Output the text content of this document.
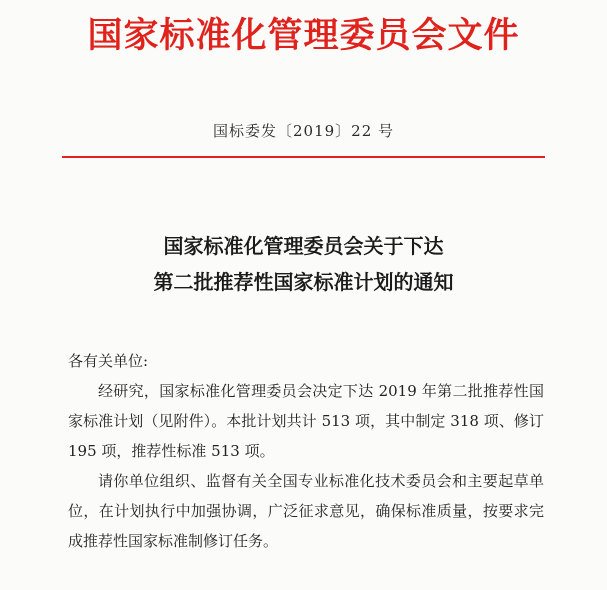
国家标准化管理委员会文件
国标委发〔2019〕22 号
国家标准化管理委员会关于下达
第二批推荐性国家标准计划的通知

各有关单位:

经研究，国家标准化管理委员会决定下达 2019 年第二批推荐性国家标准计划（见附件）。本批计划共计 513 项，其中制定 318 项、修订 195 项，推荐性标准 513 项。

请你单位组织、监督有关全国专业标准化技术委员会和主要起草单位，在计划执行中加强协调，广泛征求意见，确保标准质量，按要求完成推荐性国家标准制修订任务。
